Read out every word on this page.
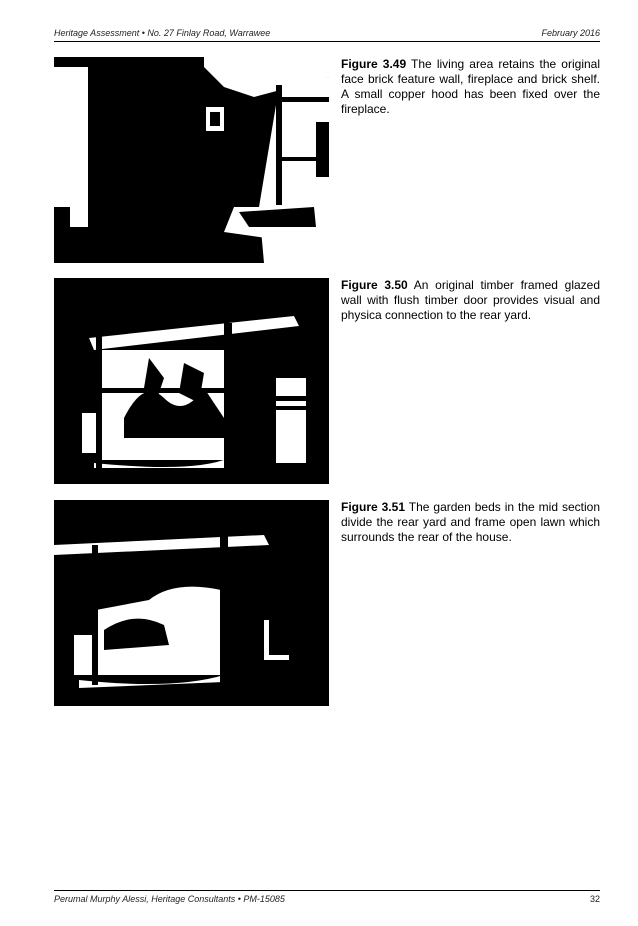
Heritage Assessment • No. 27 Finlay Road, Warrawee	February 2016
Figure 3.49 The living area retains the original face brick feature wall, fireplace and brick shelf. A small copper hood has been fixed over the fireplace.
Figure 3.50 An original timber framed glazed wall with flush timber door provides visual and physica connection to the rear yard.
Figure 3.51 The garden beds in the mid section divide the rear yard and frame open lawn which surrounds the rear of the house.
Perumal Murphy Alessi, Heritage Consultants • PM-15085	32
